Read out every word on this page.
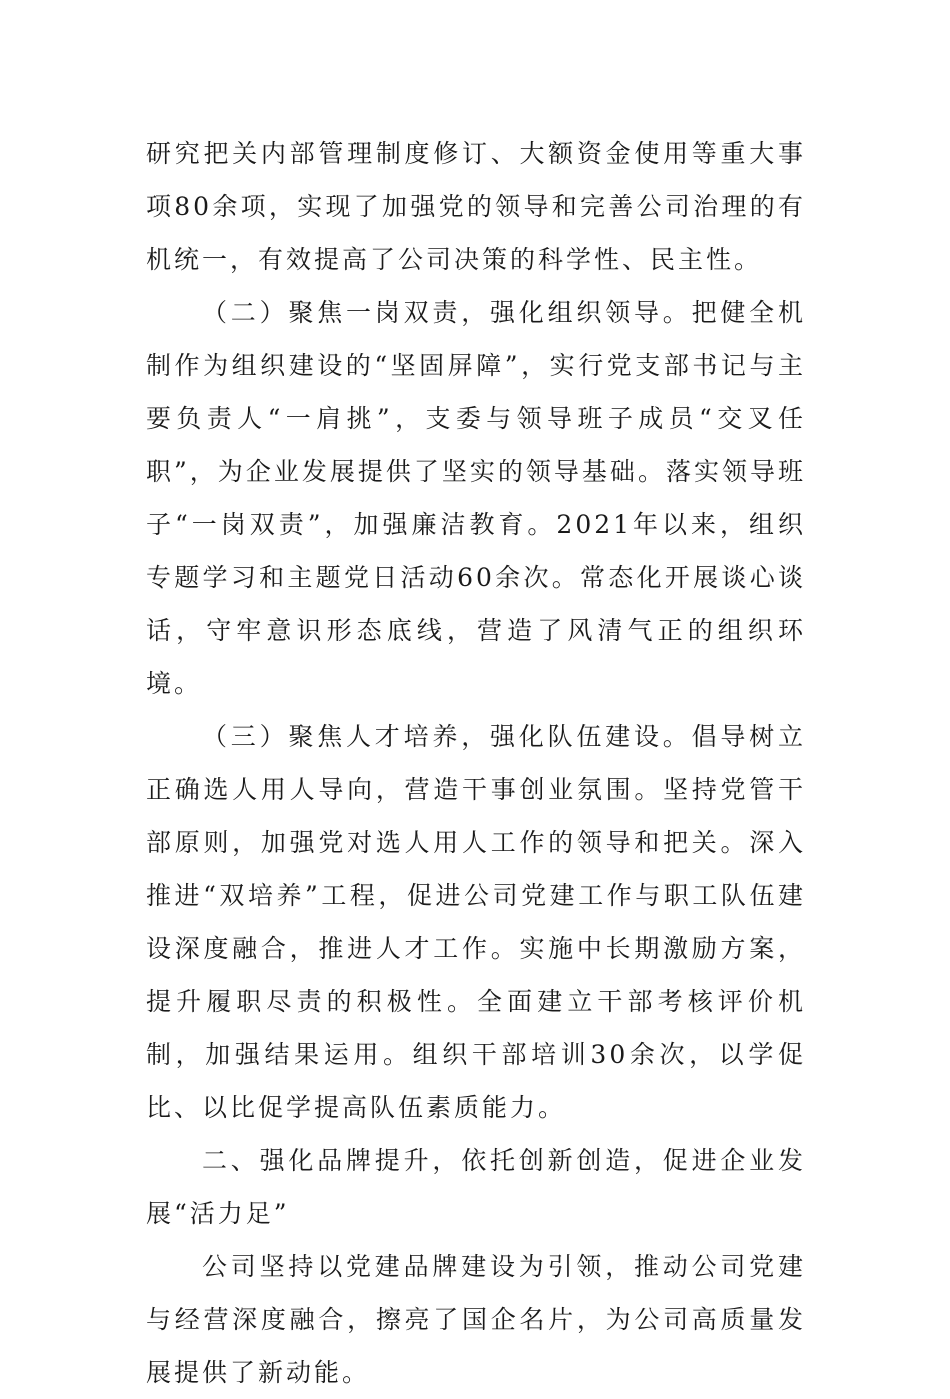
研究把关内部管理制度修订、大额资金使用等重大事项80余项，实现了加强党的领导和完善公司治理的有机统一，有效提高了公司决策的科学性、民主性。

（二）聚焦一岗双责，强化组织领导。把健全机制作为组织建设的“坚固屏障”，实行党支部书记与主要负责人“一肩挑”，支委与领导班子成员“交叉任职”，为企业发展提供了坚实的领导基础。落实领导班子“一岗双责”，加强廉洁教育。2021年以来，组织专题学习和主题党日活动60余次。常态化开展谈心谈话，守牢意识形态底线，营造了风清气正的组织环境。

（三）聚焦人才培养，强化队伍建设。倡导树立正确选人用人导向，营造干事创业氛围。坚持党管干部原则，加强党对选人用人工作的领导和把关。深入推进“双培养”工程，促进公司党建工作与职工队伍建设深度融合，推进人才工作。实施中长期激励方案，提升履职尽责的积极性。全面建立干部考核评价机制，加强结果运用。组织干部培训30余次，以学促比、以比促学提高队伍素质能力。

二、强化品牌提升，依托创新创造，促进企业发展“活力足”

公司坚持以党建品牌建设为引领，推动公司党建与经营深度融合，擦亮了国企名片，为公司高质量发展提供了新动能。
